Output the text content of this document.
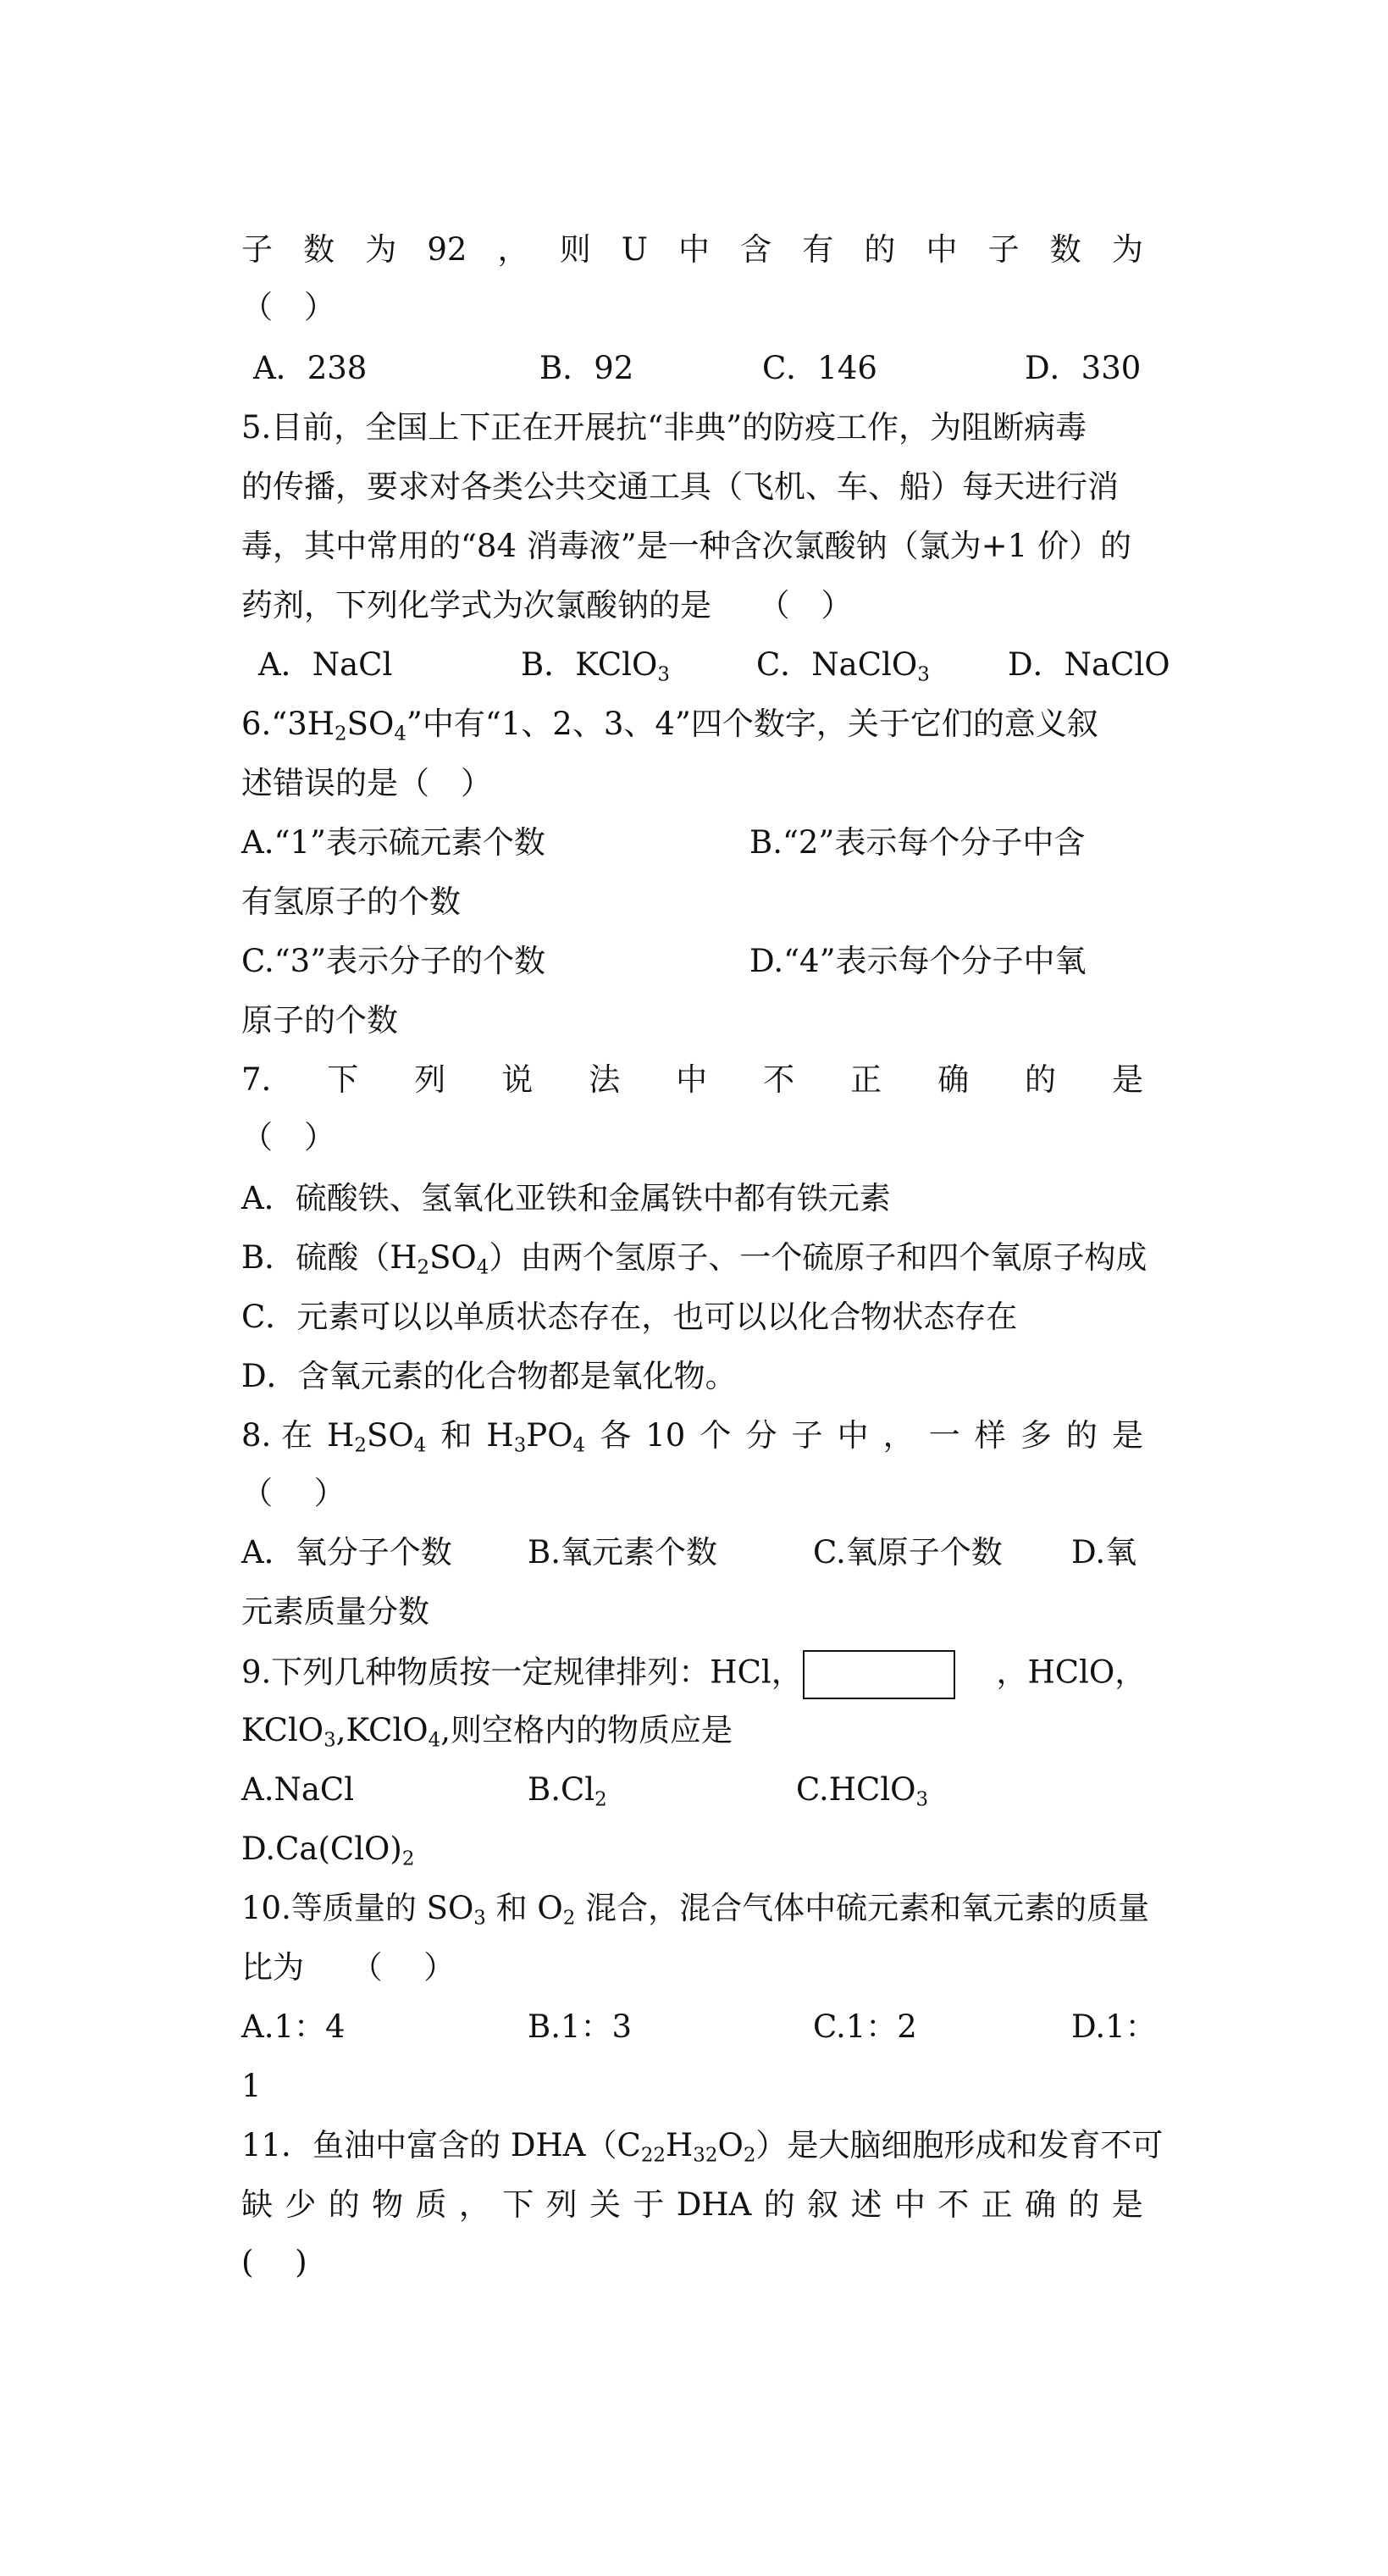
子 数 为 92 ， 则 U 中 含 有 的 中 子 数 为
（　）

A．238

	B．92

	C．146

	D．330

5.目前，全国上下正在开展抗“非典”的防疫工作，为阻断病毒
的传播，要求对各类公共交通工具（飞机、车、船）每天进行消
毒，其中常用的“84 消毒液”是一种含次氯酸钠（氯为+1 价）的
药剂，下列化学式为次氯酸钠的是　　（　）

A．NaCl

	B．KClO$_3$

	C．NaClO$_3$

D．NaClO

$6.“3H_2SO_4$”中有“1、2、3、4”四个数字，关于它们的意义叙
述错误的是（　）

A.“1”表示硫元素个数

	B.“2”表示每个分子中含

有氢原子的个数

C.“3”表示分子的个数

	D.“4”表示每个分子中氧

原子的个数
7. 下 列 说 法 中 不 正 确 的 是
（　）
A．硫酸铁、氢氧化亚铁和金属铁中都有铁元素
B．硫酸$(H_2SO_4)$由两个氢原子、一个硫原子和四个氧原子构成
C．元素可以以单质状态存在，也可以以化合物状态存在
D．含氧元素的化合物都是氧化物。
8. 在 $H_2SO_4$ 和 $H_3PO_4$ 各 10 个 分 子 中 ， 一 样 多 的 是
（　 ）

A．氧分子个数

B.氧元素个数

	C.氧原子个数

D.氧

元素质量分数
9.下列几种物质按一定规律排列：HCl，　	，HClO，
KClO$_3$,KClO$_4$,则空格内的物质应是

A.NaCl

	$B.Cl_2$

	C.HClO$_3$

$D.Ca(ClO)_2$
10.等质量的 $SO_3$ 和 $O_2$ 混合，混合气体中硫元素和氧元素的质量
比为　　（　 ）

A.1：4

	B.1：3

	C.1：2

	D.1：

1
11．鱼油中富含的 $DHA(C_{22}H_{32}O_2)$是大脑细胞形成和发育不可
缺 少 的 物 质 ， 下 列 关 于 DHA 的 叙 述 中 不 正 确 的 是
(　 )
